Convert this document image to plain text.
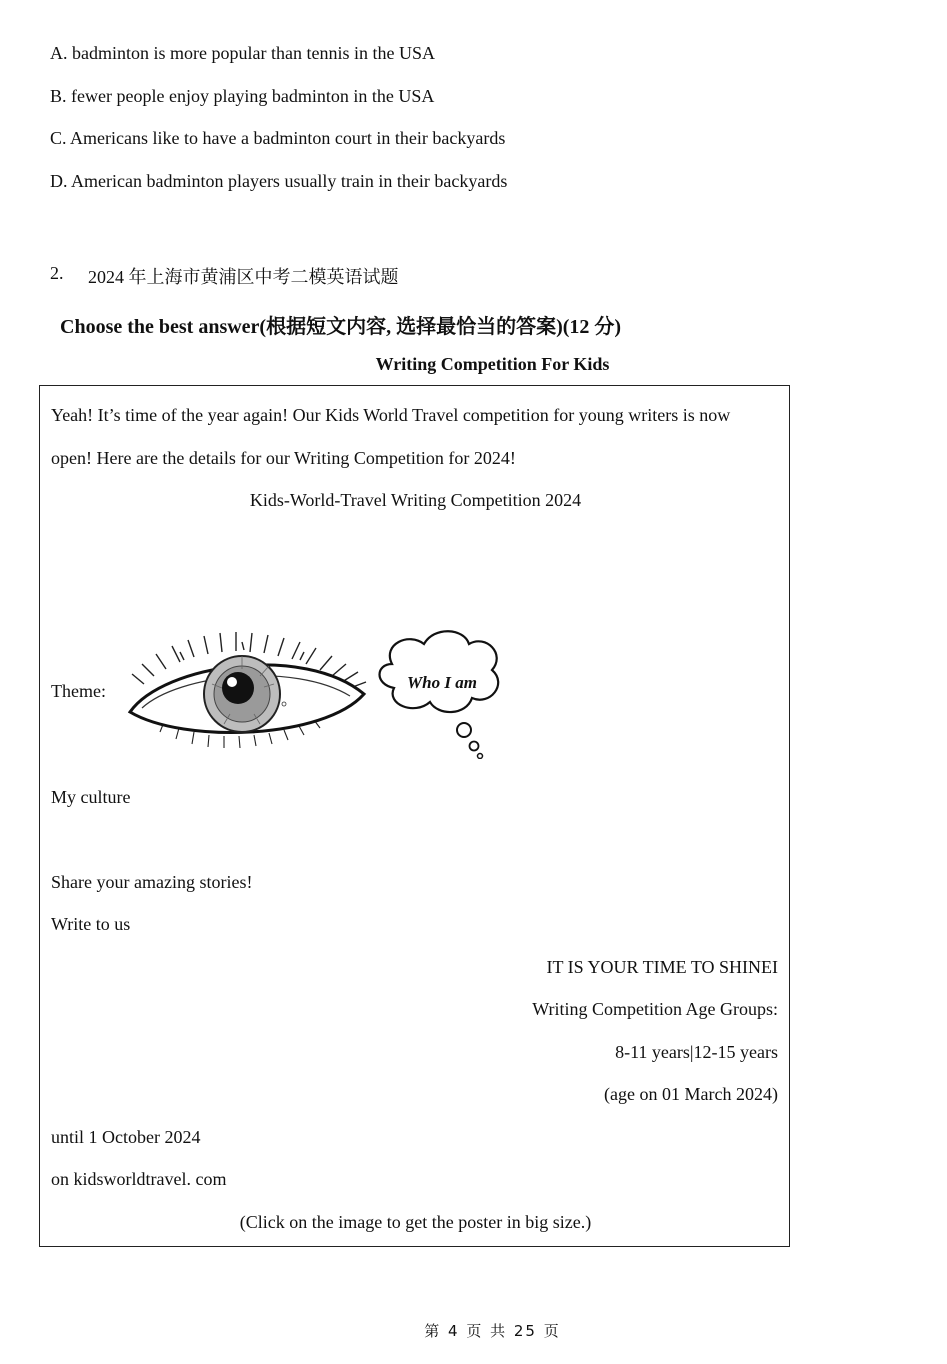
A. badminton is more popular than tennis in the USA
B. fewer people enjoy playing badminton in the USA
C. Americans like to have a badminton court in their backyards
D. American badminton players usually train in their backyards
2. 2024 年上海市黄浦区中考二模英语试题
Choose the best answer(根据短文内容, 选择最恰当的答案)(12 分)
Writing Competition For Kids
Yeah! It’s time of the year again! Our Kids World Travel competition for young writers is now
open! Here are the details for our Writing Competition for 2024!
Kids-World-Travel Writing Competition 2024
Theme:	Who I am
My culture
Share your amazing stories!
Write to us
IT IS YOUR TIME TO SHINEI
Writing Competition Age Groups:
8-11 years|12-15 years
(age on 01 March 2024)
until 1 October 2024
on kidsworldtravel. com
(Click on the image to get the poster in big size.)
第 4 页 共 25 页
